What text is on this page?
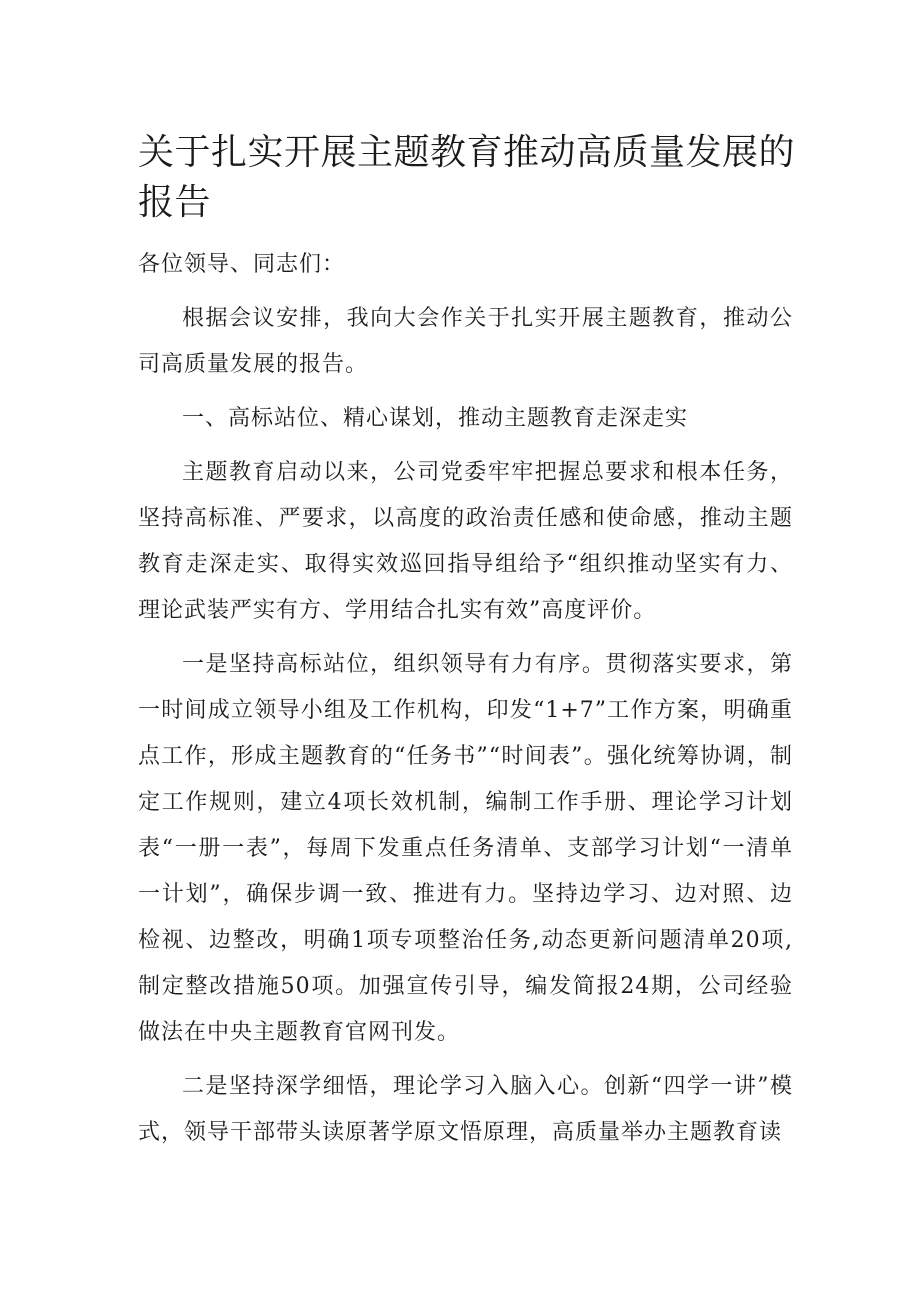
关于扎实开展主题教育推动高质量发展的报告

各位领导、同志们：

根据会议安排，我向大会作关于扎实开展主题教育，推动公司高质量发展的报告。

一、高标站位、精心谋划，推动主题教育走深走实

主题教育启动以来，公司党委牢牢把握总要求和根本任务，坚持高标准、严要求，以高度的政治责任感和使命感，推动主题教育走深走实、取得实效巡回指导组给予“组织推动坚实有力、理论武装严实有方、学用结合扎实有效”高度评价。

一是坚持高标站位，组织领导有力有序。贯彻落实要求，第一时间成立领导小组及工作机构，印发“1+7”工作方案，明确重点工作，形成主题教育的“任务书”“时间表”。强化统筹协调，制定工作规则，建立4项长效机制，编制工作手册、理论学习计划表“一册一表”，每周下发重点任务清单、支部学习计划“一清单一计划”，确保步调一致、推进有力。坚持边学习、边对照、边检视、边整改，明确1项专项整治任务,动态更新问题清单20项,制定整改措施50项。加强宣传引导，编发简报24期，公司经验做法在中央主题教育官网刊发。

二是坚持深学细悟，理论学习入脑入心。创新“四学一讲”模式，领导干部带头读原著学原文悟原理，高质量举办主题教育读
